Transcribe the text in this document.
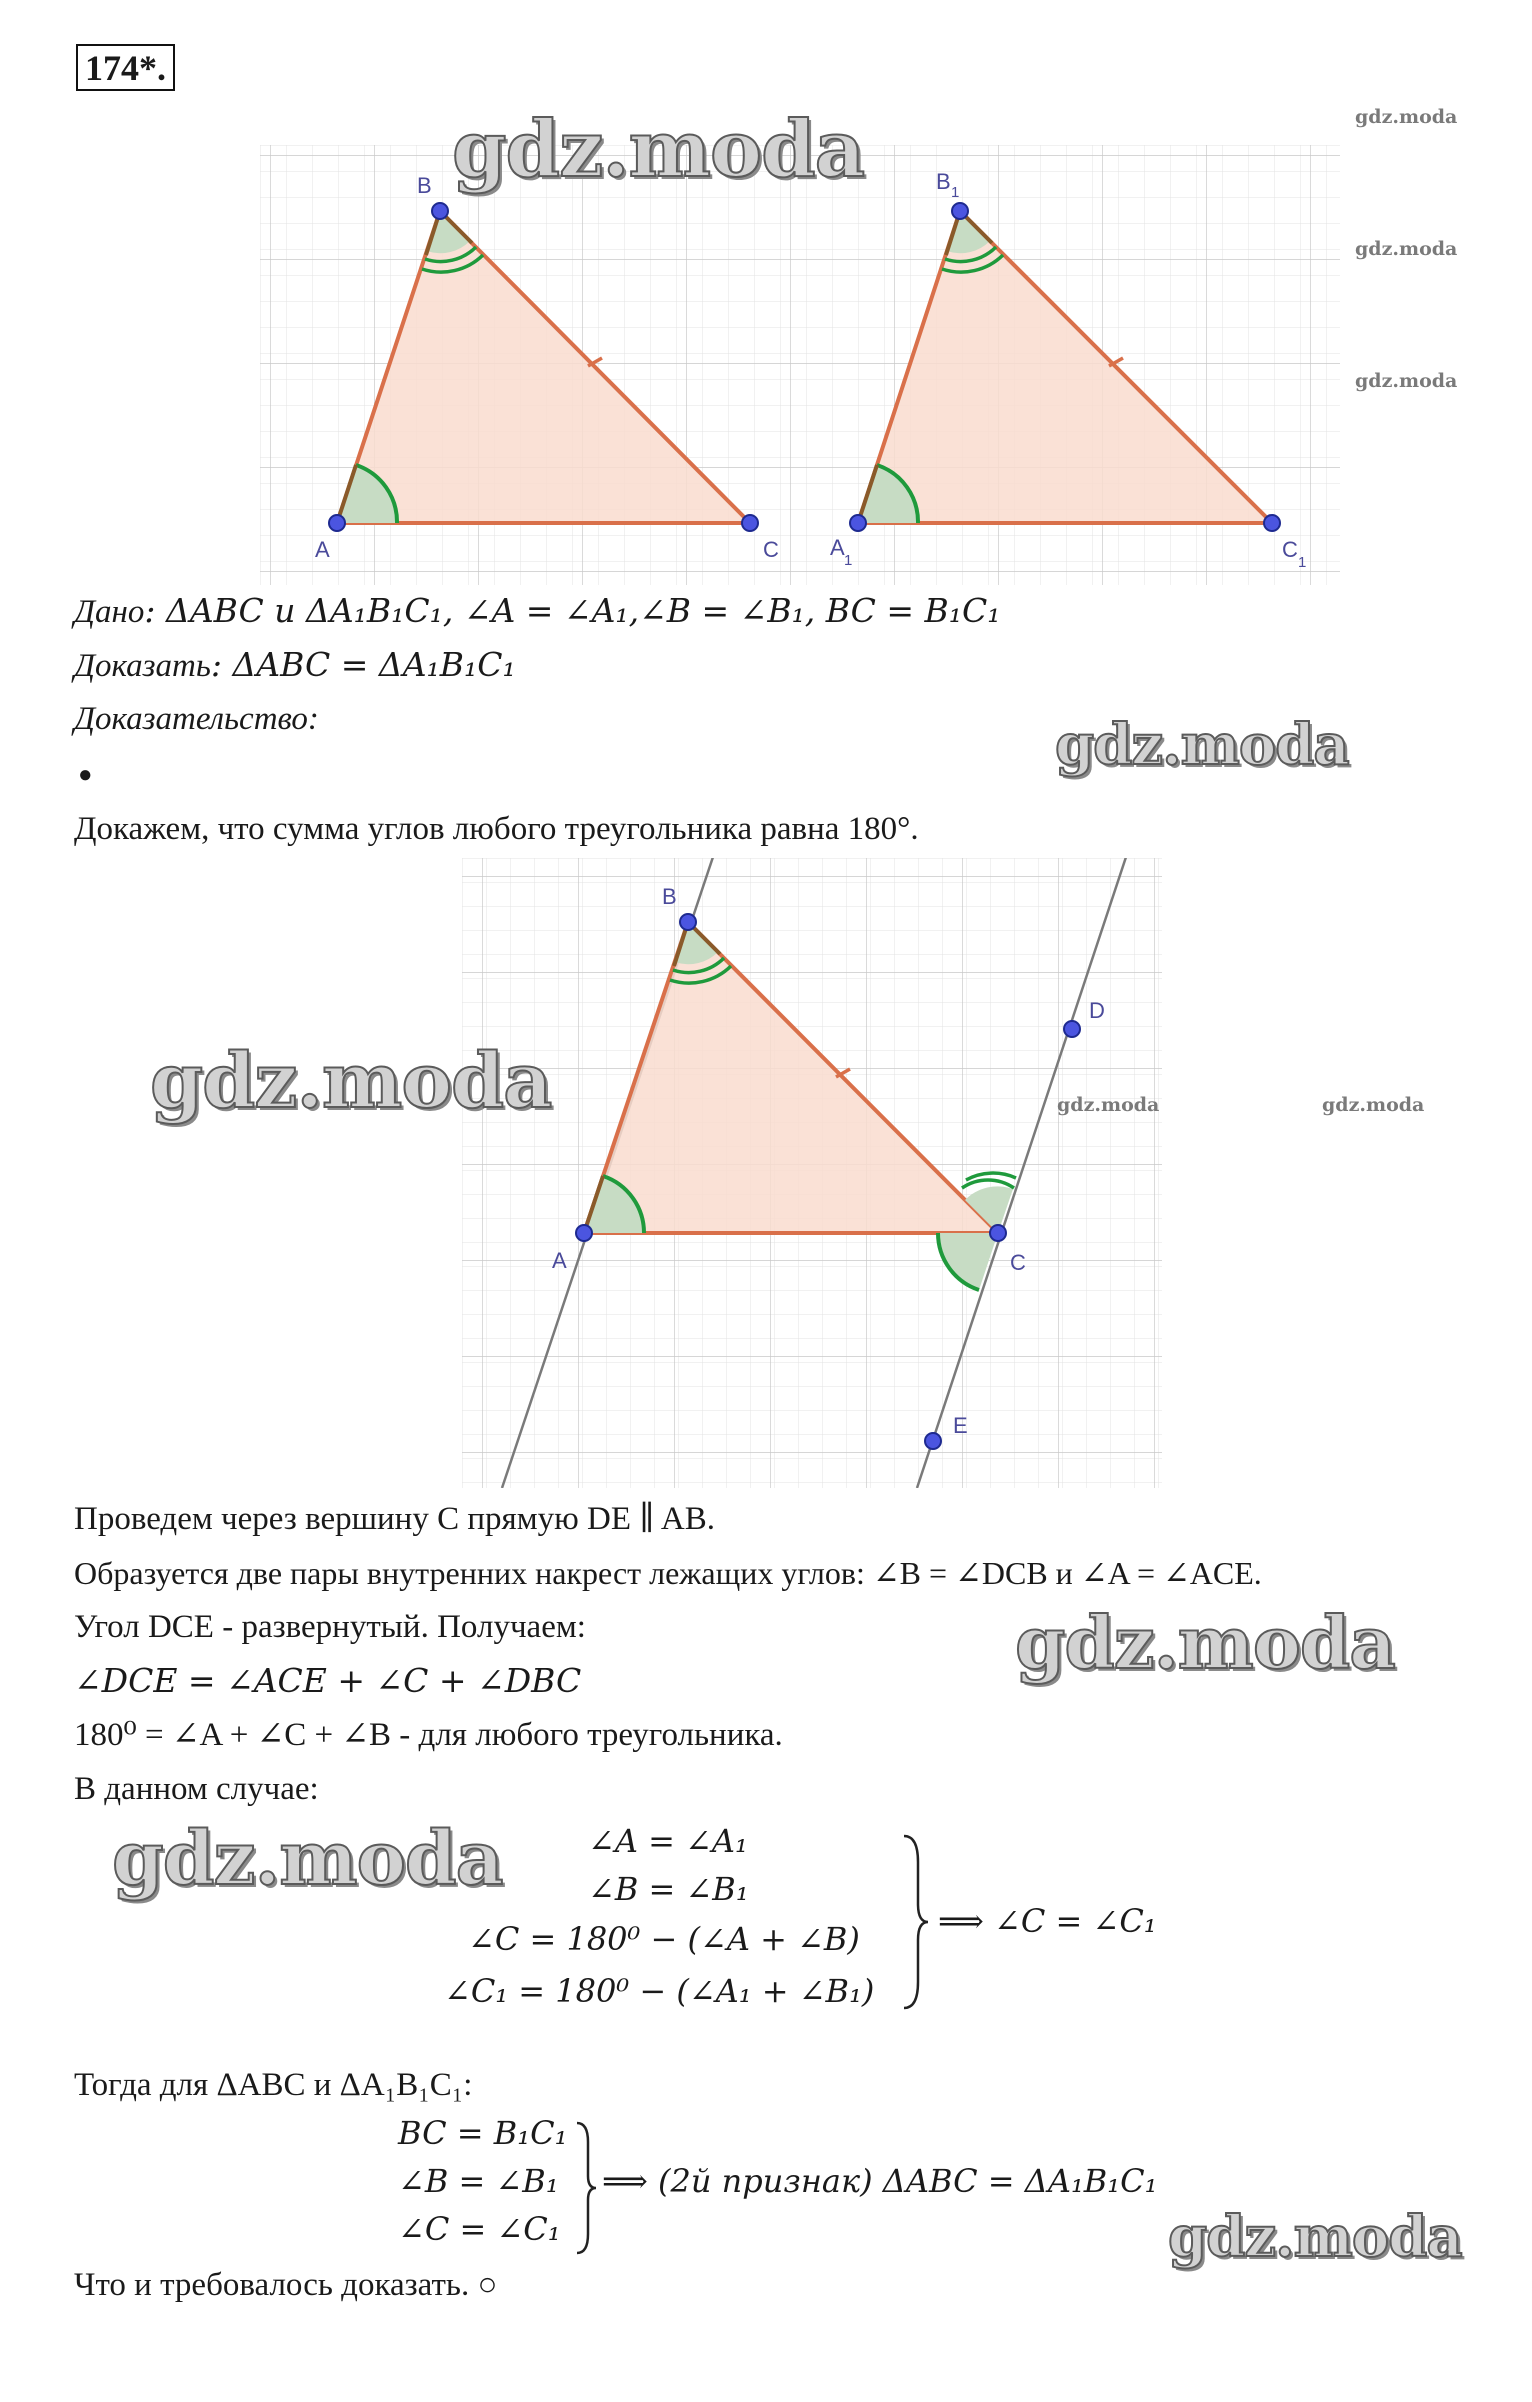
174*.
gdz.moda
gdz.moda
gdz.moda
A
B
C A
1
B 1
C
1
gdz.moda
Дано: ΔABC и ΔA₁B₁C₁, ∠A = ∠A₁,∠B = ∠B₁, BC = B₁C₁
Доказать: ΔABC = ΔA₁B₁C₁
Доказательство:	gdz.moda
●
Докажем, что сумма углов любого треугольника равна 180°.
A
B
C
D
E
gdz.moda	gdz.moda	gdz.moda
Проведем через вершину C прямую DE ∥ AB.
Образуется две пары внутренних накрест лежащих углов: ∠B = ∠DCB и ∠A = ∠ACE.
Угол DCE - развернутый. Получаем:
∠DCE = ∠ACE + ∠C + ∠DBC
180⁰ = ∠A + ∠C + ∠B - для любого треугольника.
В данном случае:
gdz.moda
gdz.moda	∠A = ∠A₁
∠B = ∠B₁
∠C = 180⁰ − (∠A + ∠B)
∠C₁ = 180⁰ − (∠A₁ + ∠B₁)
⟹ ∠C = ∠C₁
Тогда для ΔABC и ΔA₁B₁C₁:
BC = B₁C₁
∠B = ∠B₁
∠C = ∠C₁
⟹ (2й признак) ΔABC = ΔA₁B₁C₁
gdz.moda
Что и требовалось доказать. ○
